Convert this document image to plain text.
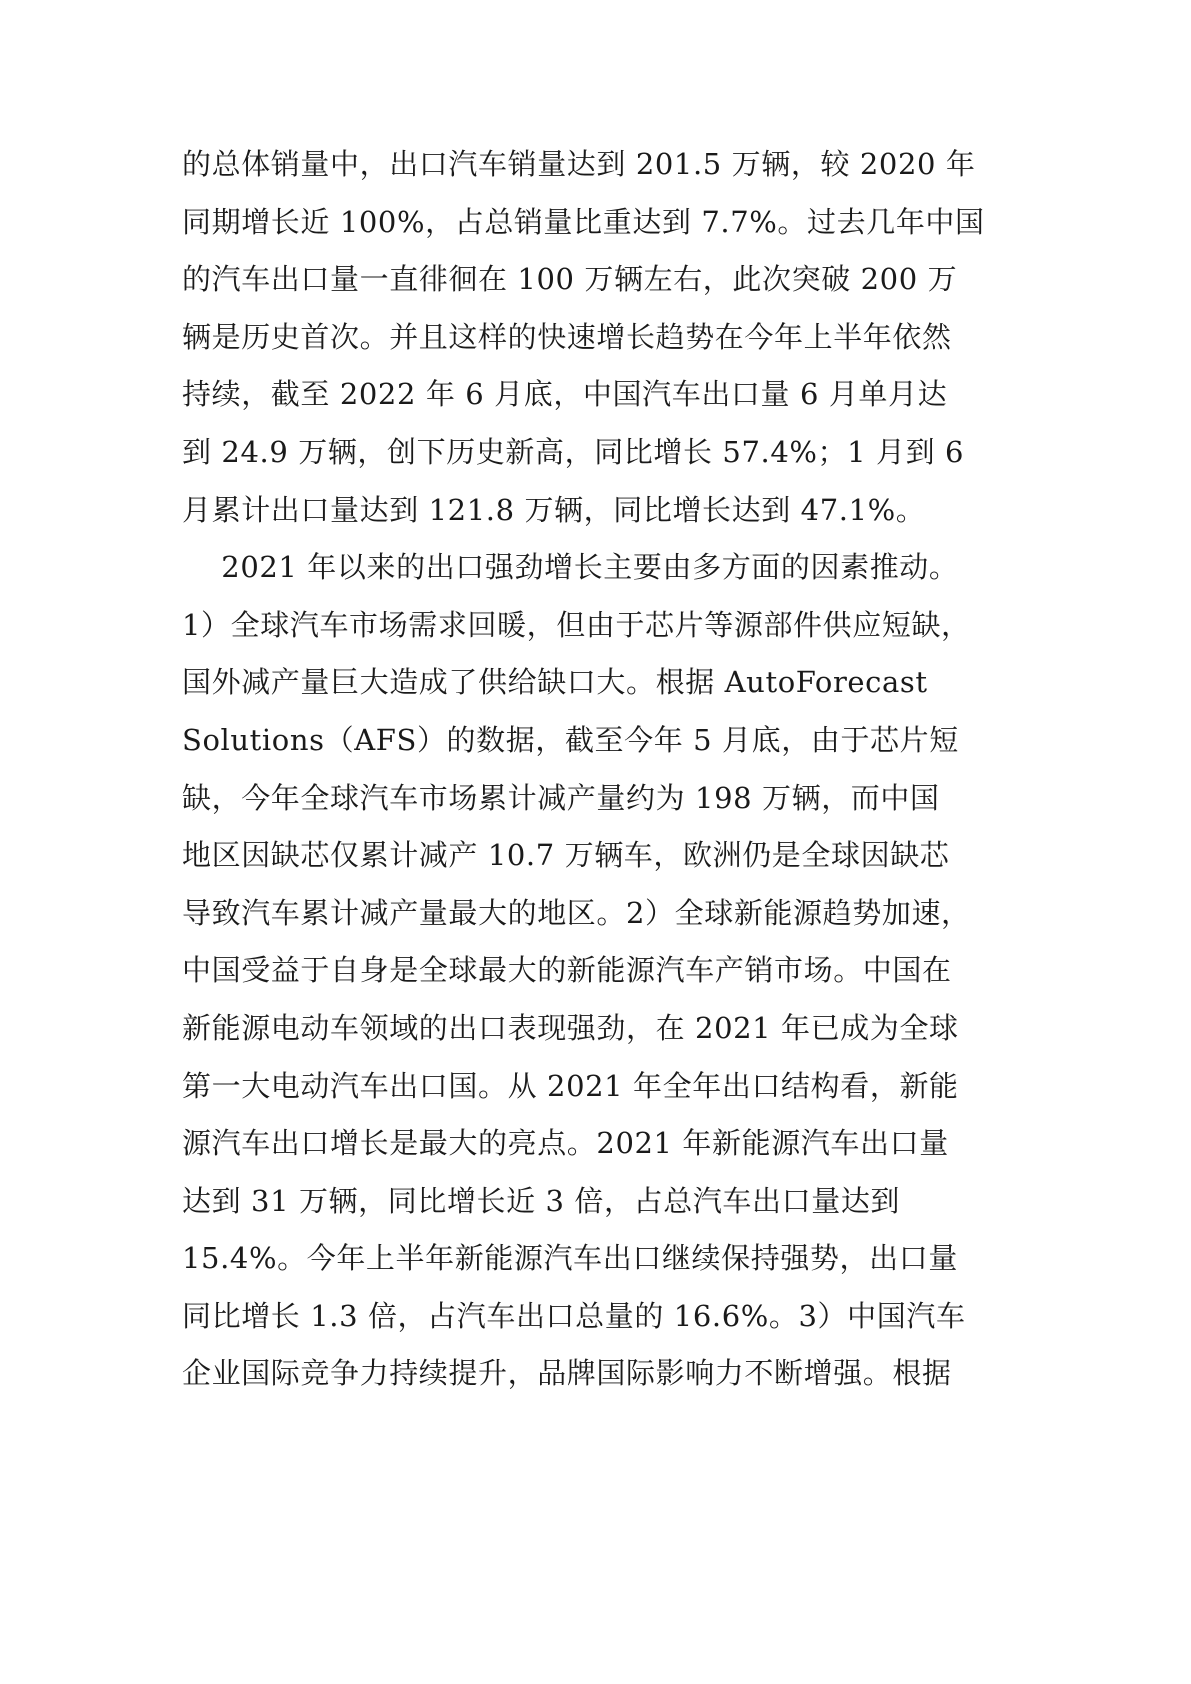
的总体销量中，出口汽车销量达到 201.5 万辆，较 2020 年
同期增长近 100%，占总销量比重达到 7.7%。过去几年中国
的汽车出口量一直徘徊在 100 万辆左右，此次突破 200 万
辆是历史首次。并且这样的快速增长趋势在今年上半年依然
持续，截至 2022 年 6 月底，中国汽车出口量 6 月单月达
到 24.9 万辆，创下历史新高，同比增长 57.4%；1 月到 6
月累计出口量达到 121.8 万辆，同比增长达到 47.1%。
2021 年以来的出口强劲增长主要由多方面的因素推动。
1）全球汽车市场需求回暖，但由于芯片等源部件供应短缺，
国外减产量巨大造成了供给缺口大。根据 AutoForecast
Solutions（AFS）的数据，截至今年 5 月底，由于芯片短
缺，今年全球汽车市场累计减产量约为 198 万辆，而中国
地区因缺芯仅累计减产 10.7 万辆车，欧洲仍是全球因缺芯
导致汽车累计减产量最大的地区。2）全球新能源趋势加速，
中国受益于自身是全球最大的新能源汽车产销市场。中国在
新能源电动车领域的出口表现强劲，在 2021 年已成为全球
第一大电动汽车出口国。从 2021 年全年出口结构看，新能
源汽车出口增长是最大的亮点。2021 年新能源汽车出口量
达到 31 万辆，同比增长近 3 倍，占总汽车出口量达到
15.4%。今年上半年新能源汽车出口继续保持强势，出口量
同比增长 1.3 倍，占汽车出口总量的 16.6%。3）中国汽车
企业国际竞争力持续提升，品牌国际影响力不断增强。根据
